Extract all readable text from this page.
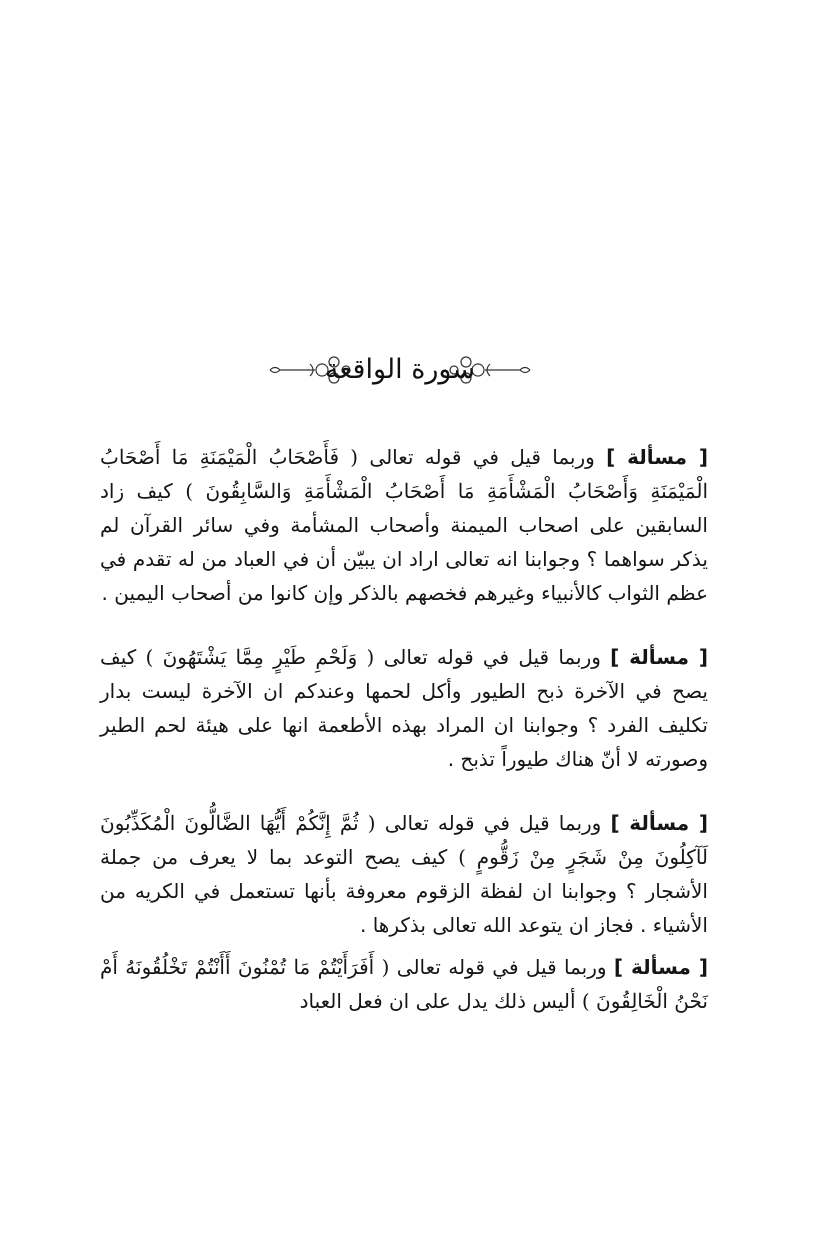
سورة الواقعة

[ مسألة ] وربما قيل في قوله تعالى ( فَأَصْحَابُ الْمَيْمَنَةِ مَا أَصْحَابُ الْمَيْمَنَةِ وَأَصْحَابُ الْمَشْأَمَةِ مَا أَصْحَابُ الْمَشْأَمَةِ وَالسَّابِقُونَ ) كيف زاد السابقين على اصحاب الميمنة وأصحاب المشأمة وفي سائر القرآن لم يذكر سواهما ؟ وجوابنا انه تعالى اراد ان يبيّن أن في العباد من له تقدم في عظم الثواب كالأنبياء وغيرهم فخصهم بالذكر وإن كانوا من أصحاب اليمين .

[ مسألة ] وربما قيل في قوله تعالى ( وَلَحْمِ طَيْرٍ مِمَّا يَشْتَهُونَ ) كيف يصح في الآخرة ذبح الطيور وأكل لحمها وعندكم ان الآخرة ليست بدار تكليف الفرد ؟ وجوابنا ان المراد بهذه الأطعمة انها على هيئة لحم الطير وصورته لا أنّ هناك طيوراً تذبح .

[ مسألة ] وربما قيل في قوله تعالى ( ثُمَّ إِنَّكُمْ أَيُّهَا الضَّالُّونَ الْمُكَذِّبُونَ لَآكِلُونَ مِنْ شَجَرٍ مِنْ زَقُّومٍ ) كيف يصح التوعد بما لا يعرف من جملة الأشجار ؟ وجوابنا ان لفظة الزقوم معروفة بأنها تستعمل في الكريه من الأشياء . فجاز ان يتوعد الله تعالى بذكرها .

[ مسألة ] وربما قيل في قوله تعالى ( أَفَرَأَيْتُمْ مَا تُمْنُونَ أَأَنْتُمْ تَخْلُقُونَهُ أَمْ نَحْنُ الْخَالِقُونَ ) أليس ذلك يدل على ان فعل العباد
